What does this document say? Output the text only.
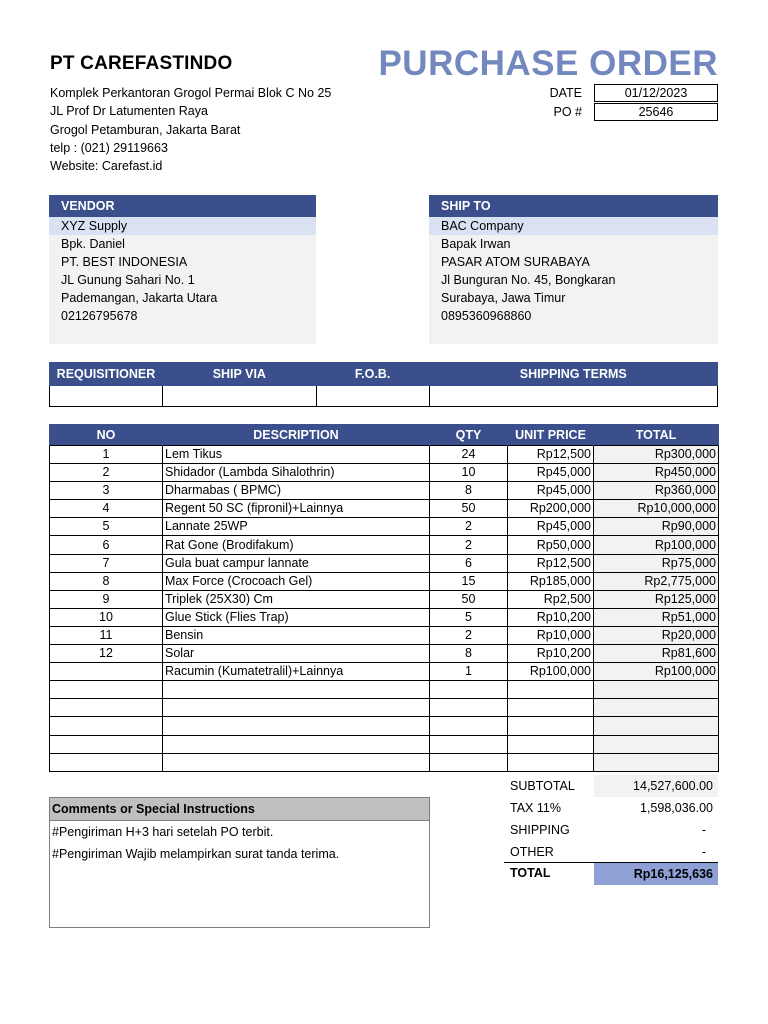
PT CAREFASTINDO	PURCHASE ORDER
Komplek Perkantoran Grogol Permai Blok C No 25
JL Prof Dr Latumenten Raya
Grogol Petamburan, Jakarta Barat
telp : (021) 29119663
Website: Carefast.id
DATE	01/12/2023
PO #	25646
VENDOR
XYZ Supply
Bpk. Daniel
PT. BEST INDONESIA
JL Gunung Sahari No. 1
Pademangan, Jakarta Utara
02126795678
SHIP TO
BAC Company
Bapak Irwan
PASAR ATOM SURABAYA
Jl Bunguran No. 45, Bongkaran
Surabaya, Jawa Timur
0895360968860
REQUISITIONER	SHIP VIA	F.O.B.	SHIPPING TERMS

NO	DESCRIPTION	QTY	UNIT PRICE	TOTAL
1	Lem Tikus	24	Rp12,500	Rp300,000
2	Shidador (Lambda Sihalothrin)	10	Rp45,000	Rp450,000
3	Dharmabas ( BPMC)	8	Rp45,000	Rp360,000
4	Regent 50 SC (fipronil)+Lainnya	50	Rp200,000	Rp10,000,000
5	Lannate 25WP	2	Rp45,000	Rp90,000
6	Rat Gone (Brodifakum)	2	Rp50,000	Rp100,000
7	Gula buat campur lannate	6	Rp12,500	Rp75,000
8	Max Force (Crocoach Gel)	15	Rp185,000	Rp2,775,000
9	Triplek (25X30) Cm	50	Rp2,500	Rp125,000
10	Glue Stick (Flies Trap)	5	Rp10,200	Rp51,000
11	Bensin	2	Rp10,000	Rp20,000
12	Solar	8	Rp10,200	Rp81,600
	Racumin (Kumatetralil)+Lainnya	1	Rp100,000	Rp100,000

SUBTOTAL	14,527,600.00
TAX 11%	1,598,036.00
SHIPPING	-
OTHER	-
TOTAL	Rp16,125,636
Comments or Special Instructions
#Pengiriman H+3 hari setelah PO terbit.
#Pengiriman Wajib melampirkan surat tanda terima.
